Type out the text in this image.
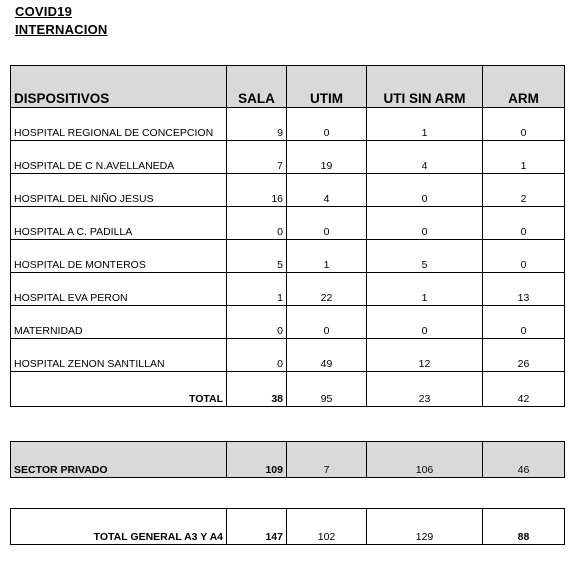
COVID19
INTERNACION
DISPOSITIVOS	SALA	UTIM	UTI SIN ARM	ARM
HOSPITAL REGIONAL DE CONCEPCION	9	0	1	0
HOSPITAL DE C N.AVELLANEDA	7	19	4	1
HOSPITAL DEL NIÑO JESUS	16	4	0	2
HOSPITAL A C. PADILLA	0	0	0	0
HOSPITAL DE MONTEROS	5	1	5	0
HOSPITAL EVA PERON	1	22	1	13
MATERNIDAD	0	0	0	0
HOSPITAL ZENON SANTILLAN	0	49	12	26
TOTAL	38	95	23	42
SECTOR PRIVADO	109	7	106	46
TOTAL GENERAL A3 Y A4	147	102	129	88
